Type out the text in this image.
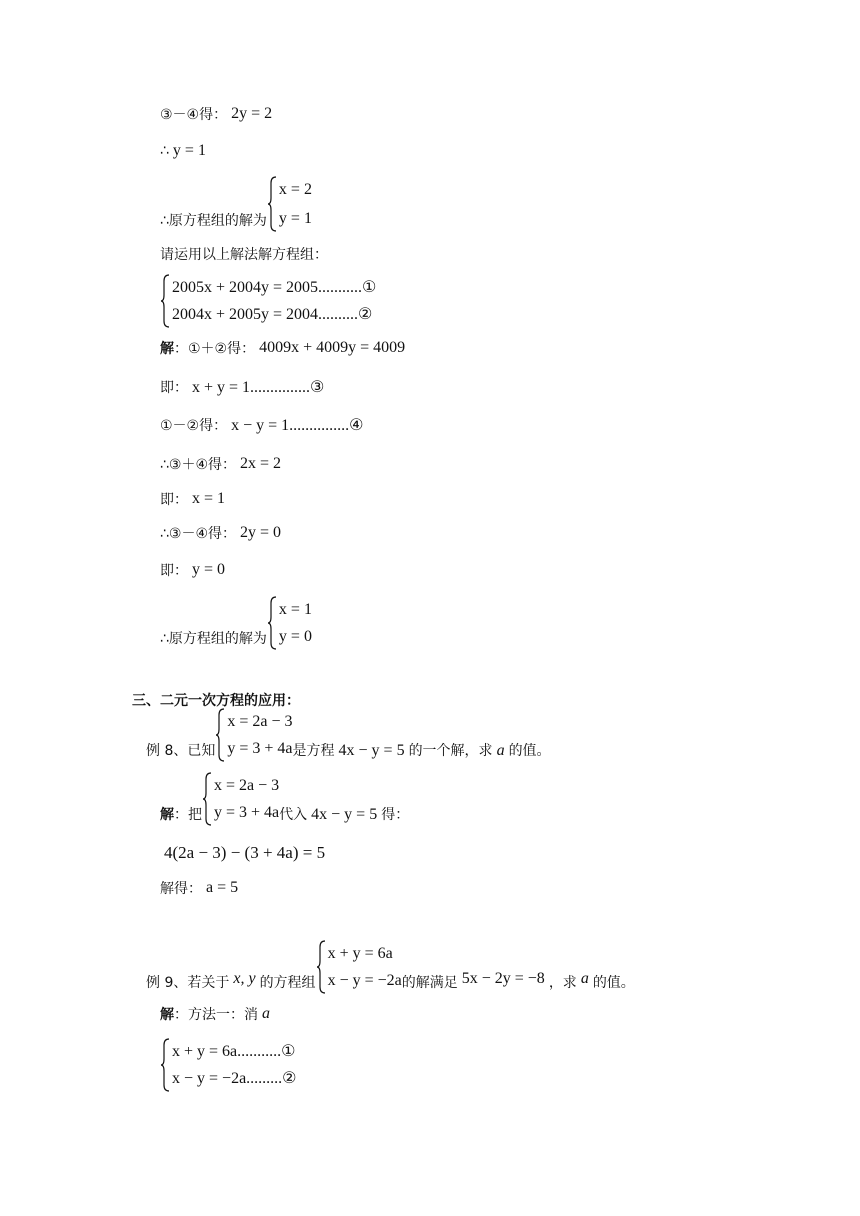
③－④得： 2y = 2
∴ y = 1
∴原方程组的解为
x = 2
y = 1
请运用以上解法解方程组：
2005x + 2004y = 2005...........①
2004x + 2005y = 2004..........②
解 ：①＋②得： 4009x + 4009y = 4009
即： x + y = 1...............③
①－②得： x − y = 1...............④
∴③＋④得： 2x = 2
即： x = 1
∴③－④得： 2y = 0
即： y = 0
∴原方程组的解为
x = 1
y = 0
三、二元一次方程的应用：
例 8、已知
x = 2a − 3
y = 3 + 4a 是方程 4x − y = 5 的一个解，求 a 的值。
解 ：把
x = 2a − 3
y = 3 + 4a 代入 4x − y = 5 得：
4(2a − 3) − (3 + 4a) = 5
解得： a = 5
例 9、若关于 x, y 的方程组
x + y = 6a
x − y = −2a 的解满足 5x − 2y = −8 ，求 a 的值。
解 ：方法一：消 a
x + y = 6a...........①
x − y = −2a.........②
